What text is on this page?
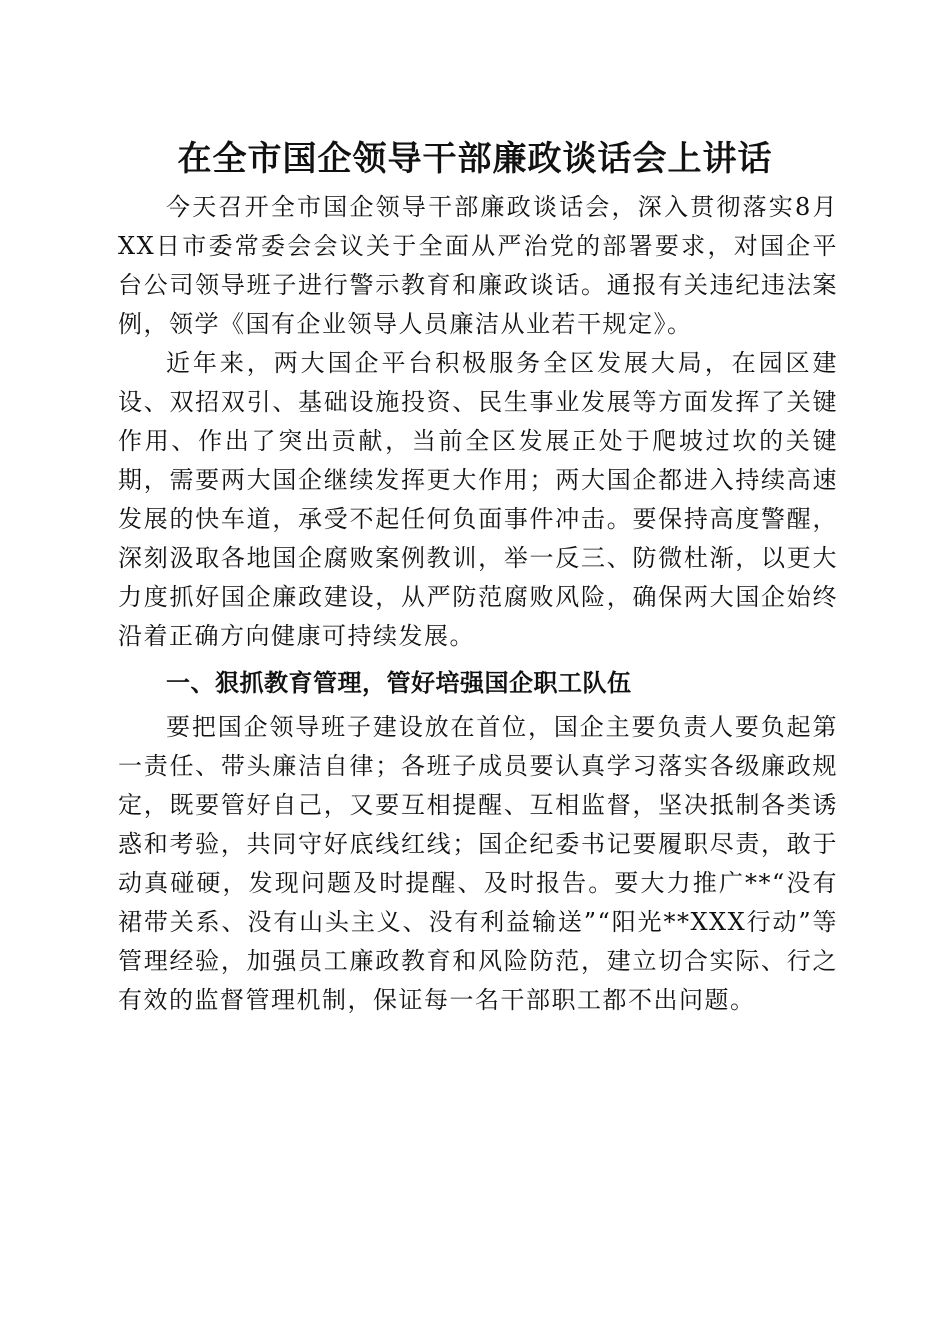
在全市国企领导干部廉政谈话会上讲话

今天召开全市国企领导干部廉政谈话会，深入贯彻落实8月XX日市委常委会会议关于全面从严治党的部署要求，对国企平台公司领导班子进行警示教育和廉政谈话。通报有关违纪违法案例，领学《国有企业领导人员廉洁从业若干规定》。

近年来，两大国企平台积极服务全区发展大局，在园区建设、双招双引、基础设施投资、民生事业发展等方面发挥了关键作用、作出了突出贡献，当前全区发展正处于爬坡过坎的关键期，需要两大国企继续发挥更大作用；两大国企都进入持续高速发展的快车道，承受不起任何负面事件冲击。要保持高度警醒，深刻汲取各地国企腐败案例教训，举一反三、防微杜渐，以更大力度抓好国企廉政建设，从严防范腐败风险，确保两大国企始终沿着正确方向健康可持续发展。

一、狠抓教育管理，管好培强国企职工队伍

要把国企领导班子建设放在首位，国企主要负责人要负起第一责任、带头廉洁自律；各班子成员要认真学习落实各级廉政规定，既要管好自己，又要互相提醒、互相监督，坚决抵制各类诱惑和考验，共同守好底线红线；国企纪委书记要履职尽责，敢于动真碰硬，发现问题及时提醒、及时报告。要大力推广**“没有裙带关系、没有山头主义、没有利益输送”“阳光**XXX行动”等管理经验，加强员工廉政教育和风险防范，建立切合实际、行之有效的监督管理机制，保证每一名干部职工都不出问题。
